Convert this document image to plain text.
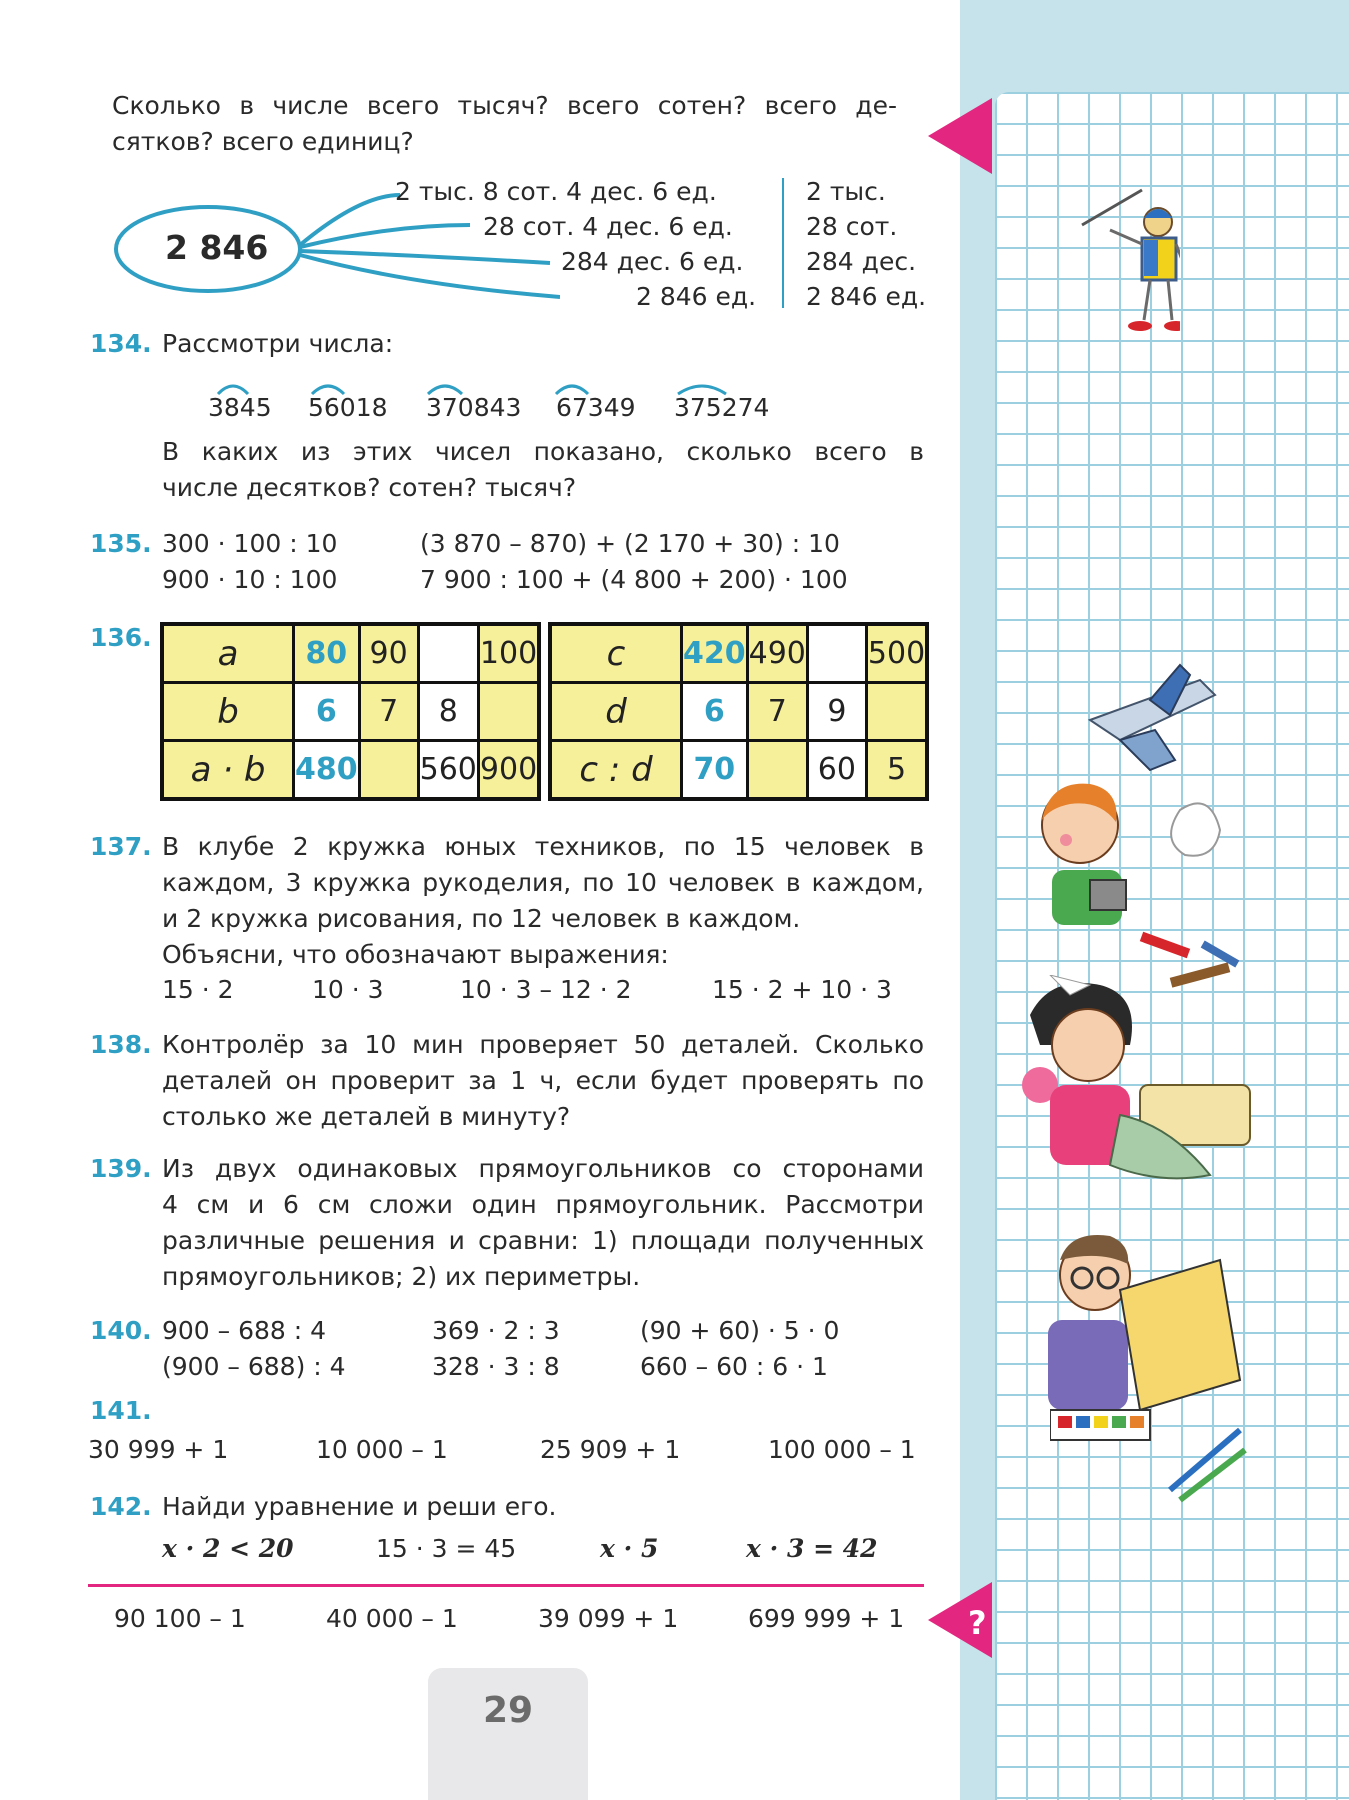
?
Сколько в числе всего тысяч? всего сотен? всего де-
сятков? всего единиц?
2 846
2 тыс. 8 сот. 4 дес. 6 ед.
28 сот. 4 дес. 6 ед.
284 дес. 6 ед.
2 846 ед.
2 тыс.
28 сот.
284 дес.
2 846 ед.
134. Рассмотри числа:
3845 56018 370843 67349 375274
В каких из этих чисел показано, сколько всего в
числе десятков? сотен? тысяч?
135. 300 · 100 : 10	(3 870 – 870) + (2 170 + 30) : 10
900 · 10 : 100	7 900 : 100 + (4 800 + 200) · 100
136. a	80	90		100
b	6	7	8	
a · b	480		560	900
c	420	490		500
d	6	7	9	
c : d	70		60	5
137. В клубе 2 кружка юных техников, по 15 человек в
каждом, 3 кружка рукоделия, по 10 человек в каждом,
и 2 кружка рисования, по 12 человек в каждом.
Объясни, что обозначают выражения:
15 · 2	10 · 3	10 · 3 – 12 · 2	15 · 2 + 10 · 3
138. Контролёр за 10 мин проверяет 50 деталей. Сколько
деталей он проверит за 1 ч, если будет проверять по
столько же деталей в минуту?
139. Из двух одинаковых прямоугольников со сторонами
4 см и 6 см сложи один прямоугольник. Рассмотри
различные решения и сравни: 1) площади полученных
прямоугольников; 2) их периметры.
140. 900 – 688 : 4	369 · 2 : 3	(90 + 60) · 5 · 0
(900 – 688) : 4	328 · 3 : 8	660 – 60 : 6 · 1
141.
30 999 + 1	10 000 – 1	25 909 + 1	100 000 – 1
142. Найди уравнение и реши его.
x · 2 < 20	15 · 3 = 45	x · 5	x · 3 = 42
90 100 – 1	40 000 – 1	39 099 + 1	699 999 + 1
29
